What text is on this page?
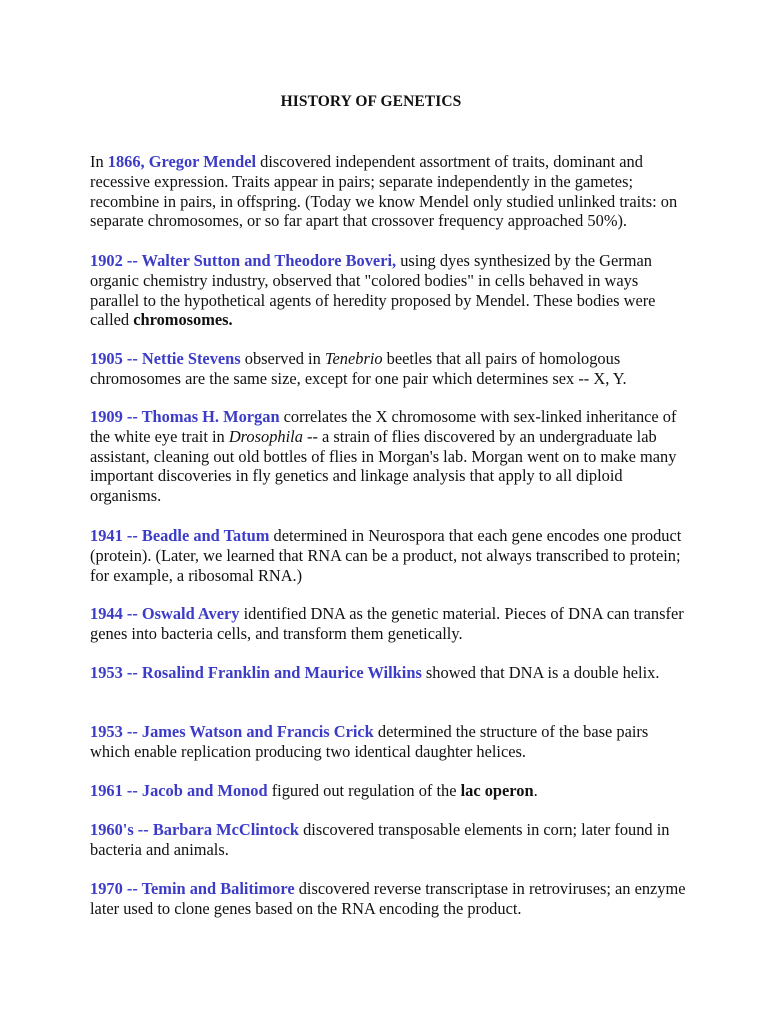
HISTORY OF GENETICS

In 1866, Gregor Mendel discovered independent assortment of traits, dominant and recessive expression. Traits appear in pairs; separate independently in the gametes; recombine in pairs, in offspring. (Today we know Mendel only studied unlinked traits: on separate chromosomes, or so far apart that crossover frequency approached 50%).

1902 -- Walter Sutton and Theodore Boveri, using dyes synthesized by the German organic chemistry industry, observed that "colored bodies" in cells behaved in ways parallel to the hypothetical agents of heredity proposed by Mendel. These bodies were called chromosomes.

1905 -- Nettie Stevens observed in Tenebrio beetles that all pairs of homologous chromosomes are the same size, except for one pair which determines sex -- X, Y.

1909 -- Thomas H. Morgan correlates the X chromosome with sex-linked inheritance of the white eye trait in Drosophila -- a strain of flies discovered by an undergraduate lab assistant, cleaning out old bottles of flies in Morgan's lab. Morgan went on to make many important discoveries in fly genetics and linkage analysis that apply to all diploid organisms.

1941 -- Beadle and Tatum determined in Neurospora that each gene encodes one product (protein). (Later, we learned that RNA can be a product, not always transcribed to protein; for example, a ribosomal RNA.)

1944 -- Oswald Avery identified DNA as the genetic material. Pieces of DNA can transfer genes into bacteria cells, and transform them genetically.

1953 -- Rosalind Franklin and Maurice Wilkins showed that DNA is a double helix.

1953 -- James Watson and Francis Crick determined the structure of the base pairs which enable replication producing two identical daughter helices.

1961 -- Jacob and Monod figured out regulation of the lac operon.

1960's -- Barbara McClintock discovered transposable elements in corn; later found in bacteria and animals.

1970 -- Temin and Balitimore discovered reverse transcriptase in retroviruses; an enzyme later used to clone genes based on the RNA encoding the product.
